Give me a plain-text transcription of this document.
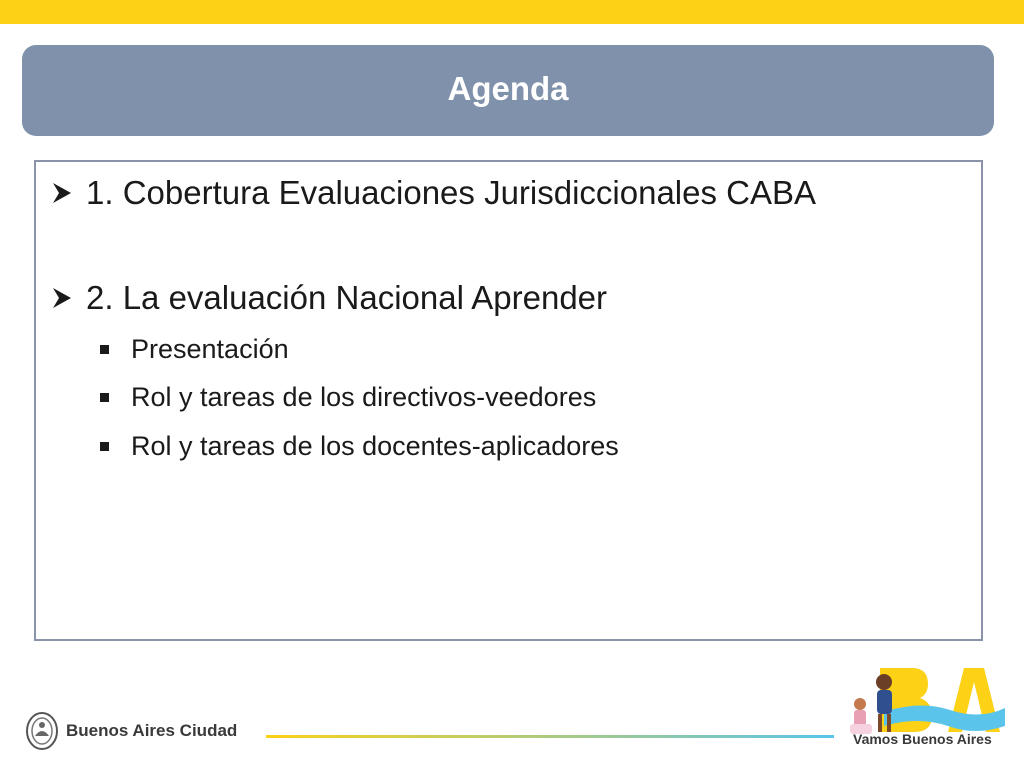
Agenda
1. Cobertura Evaluaciones Jurisdiccionales CABA
2. La evaluación Nacional Aprender
Presentación
Rol y tareas de los directivos-veedores
Rol y tareas de los docentes-aplicadores
Buenos Aires Ciudad	Vamos Buenos Aires
